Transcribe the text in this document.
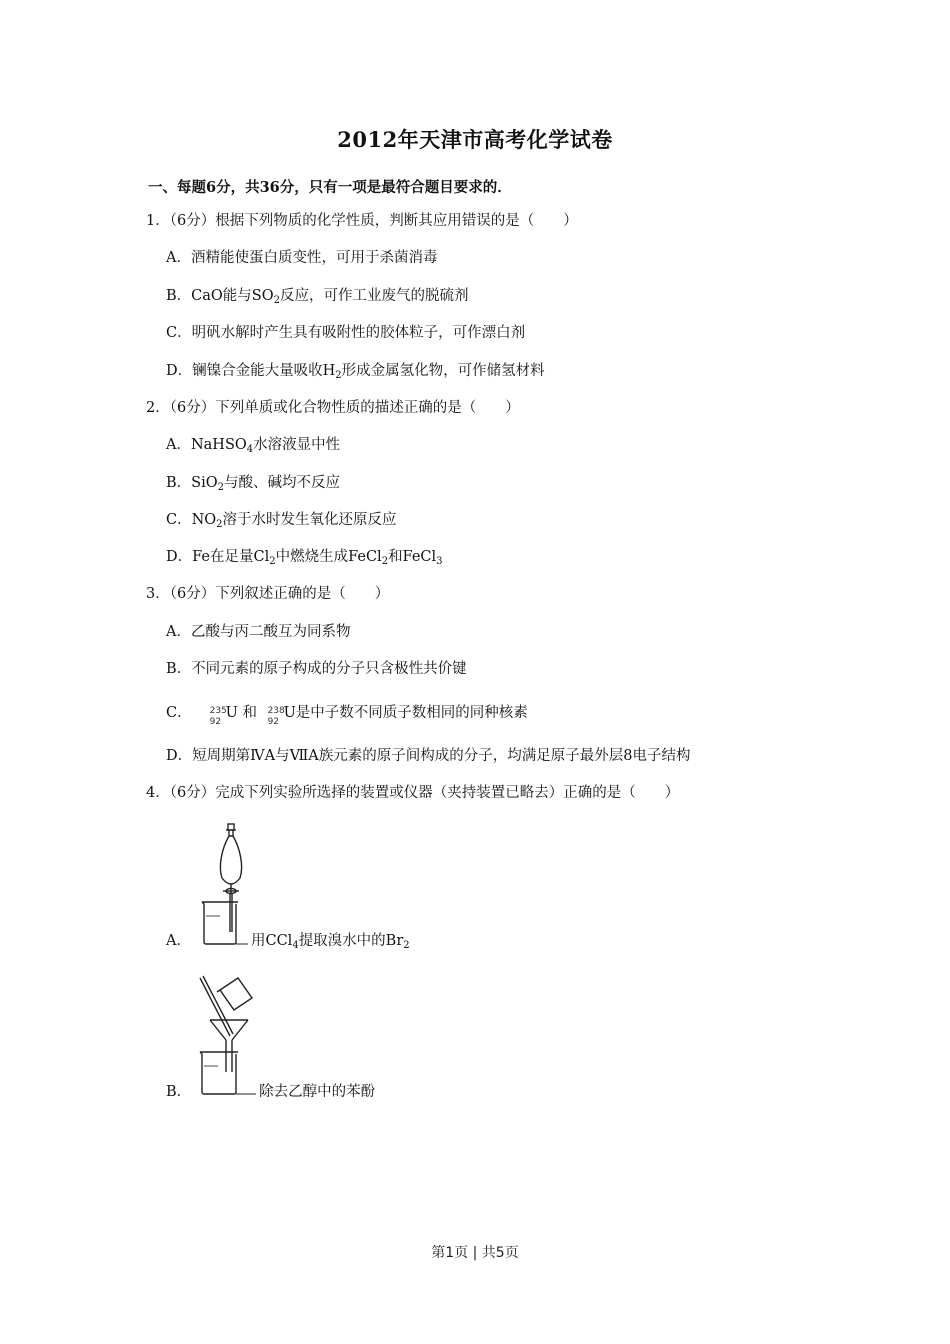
2012年天津市高考化学试卷
一、每题6分，共36分，只有一项是最符合题目要求的．
1．（6分）根据下列物质的化学性质，判断其应用错误的是（　　）
A．酒精能使蛋白质变性，可用于杀菌消毒
B．CaO能与$SO_2$反应，可作工业废气的脱硫剂
C．明矾水解时产生具有吸附性的胶体粒子，可作漂白剂
D．镧镍合金能大量吸收$H_2$形成金属氢化物，可作储氢材料
2．（6分）下列单质或化合物性质的描述正确的是（　　）
A．NaHSO$_4$水溶液显中性
B．SiO$_2$与酸、碱均不反应
C．$NO_2$溶于水时发生氧化还原反应
D．Fe在足量$Cl_2$中燃烧生成FeCl$_2$和FeCl$_3$
3．（6分）下列叙述正确的是（　　）
A．乙酸与丙二酸互为同系物
B．不同元素的原子构成的分子只含极性共价键
C． 235
92
U 和 238
92
U是中子数不同质子数相同的同种核素
D．短周期第ⅣA与ⅦA族元素的原子间构成的分子，均满足原子最外层8电子结构
4．（6分）完成下列实验所选择的装置或仪器（夹持装置已略去）正确的是（　　）
A．	用CCl$_4$提取溴水中的$Br_2$
B．	除去乙醇中的苯酚
第1页 | 共5页
